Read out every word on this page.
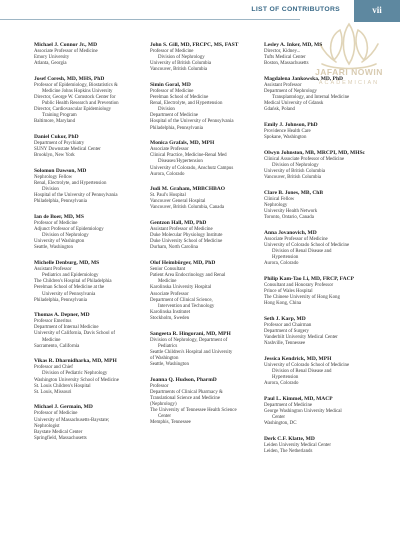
LIST OF CONTRIBUTORS	vii
JAFARI NOWIN
ACADEMICIAN
Michael J. Connor Jr., MD
Associate Professor of Medicine
Emory University
Atlanta, Georgia
Josef Coresh, MD, MHS, PhD
Professor of Epidemiology, Biostatistics &
Medicine Johns Hopkins University
Director, George W. Comstock Center for
Public Health Research and Prevention
Director, Cardiovascular Epidemiology
Training Program
Baltimore, Maryland
Daniel Cukor, PhD
Department of Psychiatry
SUNY Downstate Medical Center
Brooklyn, New York
Solomon Dawson, MD
Nephrology Fellow
Renal, Electrolyte, and Hypertension
Division
Hospital of the University of Pennsylvania
Philadelphia, Pennsylvania
Ian de Boer, MD, MS
Professor of Medicine
Adjunct Professor of Epidemiology
Division of Nephrology
University of Washington
Seattle, Washington
Michelle Denburg, MD, MS
Assistant Professor
Pediatrics and Epidemiology
The Children's Hospital of Philadelphia
Perelman School of Medicine at the
University of Pennsylvania
Philadelphia, Pennsylvania
Thomas A. Depner, MD
Professor Emeritus
Department of Internal Medicine
University of California, Davis School of
Medicine
Sacramento, California
Vikas R. Dharnidharka, MD, MPH
Professor and Chief
Division of Pediatric Nephrology
Washington University School of Medicine
St. Louis Children's Hospital
St. Louis, Missouri
Michael J. Germain, MD
Professor of Medicine
University of Massachusetts-Baystate;
Nephrologist
Baystate Medical Center
Springfield, Massachusetts
John S. Gill, MD, FRCPC, MS, FAST
Professor of Medicine
Division of Nephrology
University of British Columbia
Vancouver, British Columbia
Simin Goral, MD
Professor of Medicine
Perelman School of Medicine
Renal, Electrolyte, and Hypertension
Division
Department of Medicine
Hospital of the University of Pennsylvania
Philadelphia, Pennsylvania
Monica Grafals, MD, MPH
Associate Professor
Clinical Practice, Medicine-Renal Med
Diseases/Hypertension
University of Colorado, Anschutz Campus
Aurora, Colorado
Judi M. Graham, MBBCHBAO
St. Paul's Hospital
Vancouver General Hospital
Vancouver, British Columbia, Canada
Gentzon Hall, MD, PhD
Assistant Professor of Medicine
Duke Molecular Physiology Institute
Duke University School of Medicine
Durham, North Carolina
Olof Heimbürger, MD, PhD
Senior Consultant
Patient Area Endocrinology and Renal
Medicine
Karolinska University Hospital
Associate Professor
Department of Clinical Science,
Intervention and Technology
Karolinska Institutet
Stockholm, Sweden
Sangeeta R. Hingorani, MD, MPH
Division of Nephrology, Department of
Pediatrics
Seattle Children's Hospital and University
of Washington
Seattle, Washington
Joanna Q. Hudson, PharmD
Professor
Departments of Clinical Pharmacy &
Translational Science and Medicine
(Nephrology)
The University of Tennessee Health Science
Center
Memphis, Tennessee
Lesley A. Inker, MD, MS
Director, Kidney...
Tufts Medical Center
Boston, Massachusetts
Magdalena Jankowska, MD, PhD
Assistant Professor
Department of Nephrology
Transplantology, and Internal Medicine
Medical University of Gdansk
Gdańsk, Poland
Emily J. Johnson, PhD
Providence Health Care
Spokane, Washington
Olwyn Johnston, MB, MRCPI, MD, MHSc
Clinical Associate Professor of Medicine
Division of Nephrology
University of British Columbia
Vancouver, British Columbia
Clare B. Jones, MB, ChB
Clinical Fellow
Nephrology
University Health Network
Toronto, Ontario, Canada
Anna Jovanovich, MD
Associate Professor of Medicine
University of Colorado School of Medicine
Division of Renal Disease and
Hypertension
Aurora, Colorado
Philip Kam-Tao Li, MD, FRCP, FACP
Consultant and Honorary Professor
Prince of Wales Hospital
The Chinese University of Hong Kong
Hong Kong, China
Seth J. Karp, MD
Professor and Chairman
Department of Surgery
Vanderbilt University Medical Center
Nashville, Tennessee
Jessica Kendrick, MD, MPH
University of Colorado School of Medicine
Division of Renal Disease and
Hypertension
Aurora, Colorado
Paul L. Kimmel, MD, MACP
Department of Medicine
George Washington University Medical
Center
Washington, DC
Derk C.F. Klatte, MD
Leiden University Medical Center
Leiden, The Netherlands
